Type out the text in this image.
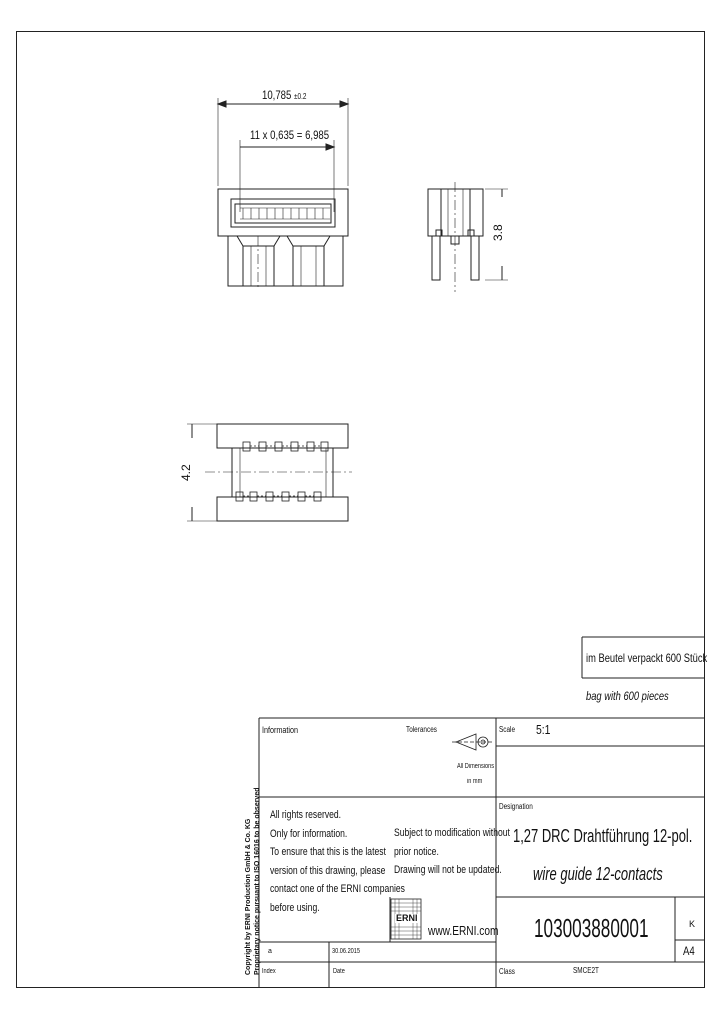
10,785 ±0.2
11 x 0,635 = 6,985
3.8
4.2
im Beutel verpackt 600 Stück
bag with 600 pieces
Copyright by ERNI Production GmbH & Co. KG Proprietary notice pursuant to ISO 16016 to be observed
Information	Tolerances
All Dimensions
in mm
Scale	5:1
Designation
1,27 DRC Drahtführung 12-pol.
wire guide 12-contacts
All rights reserved.
Only for information.
To ensure that this is the latest
version of this drawing, please
contact one of the ERNI companies
before using.
Subject to modification without
prior notice.
Drawing will not be updated.
ERNI
www.ERNI.com	103003880001	K
A4
a	30.06.2015
Index	Date	Class	SMCE2T
